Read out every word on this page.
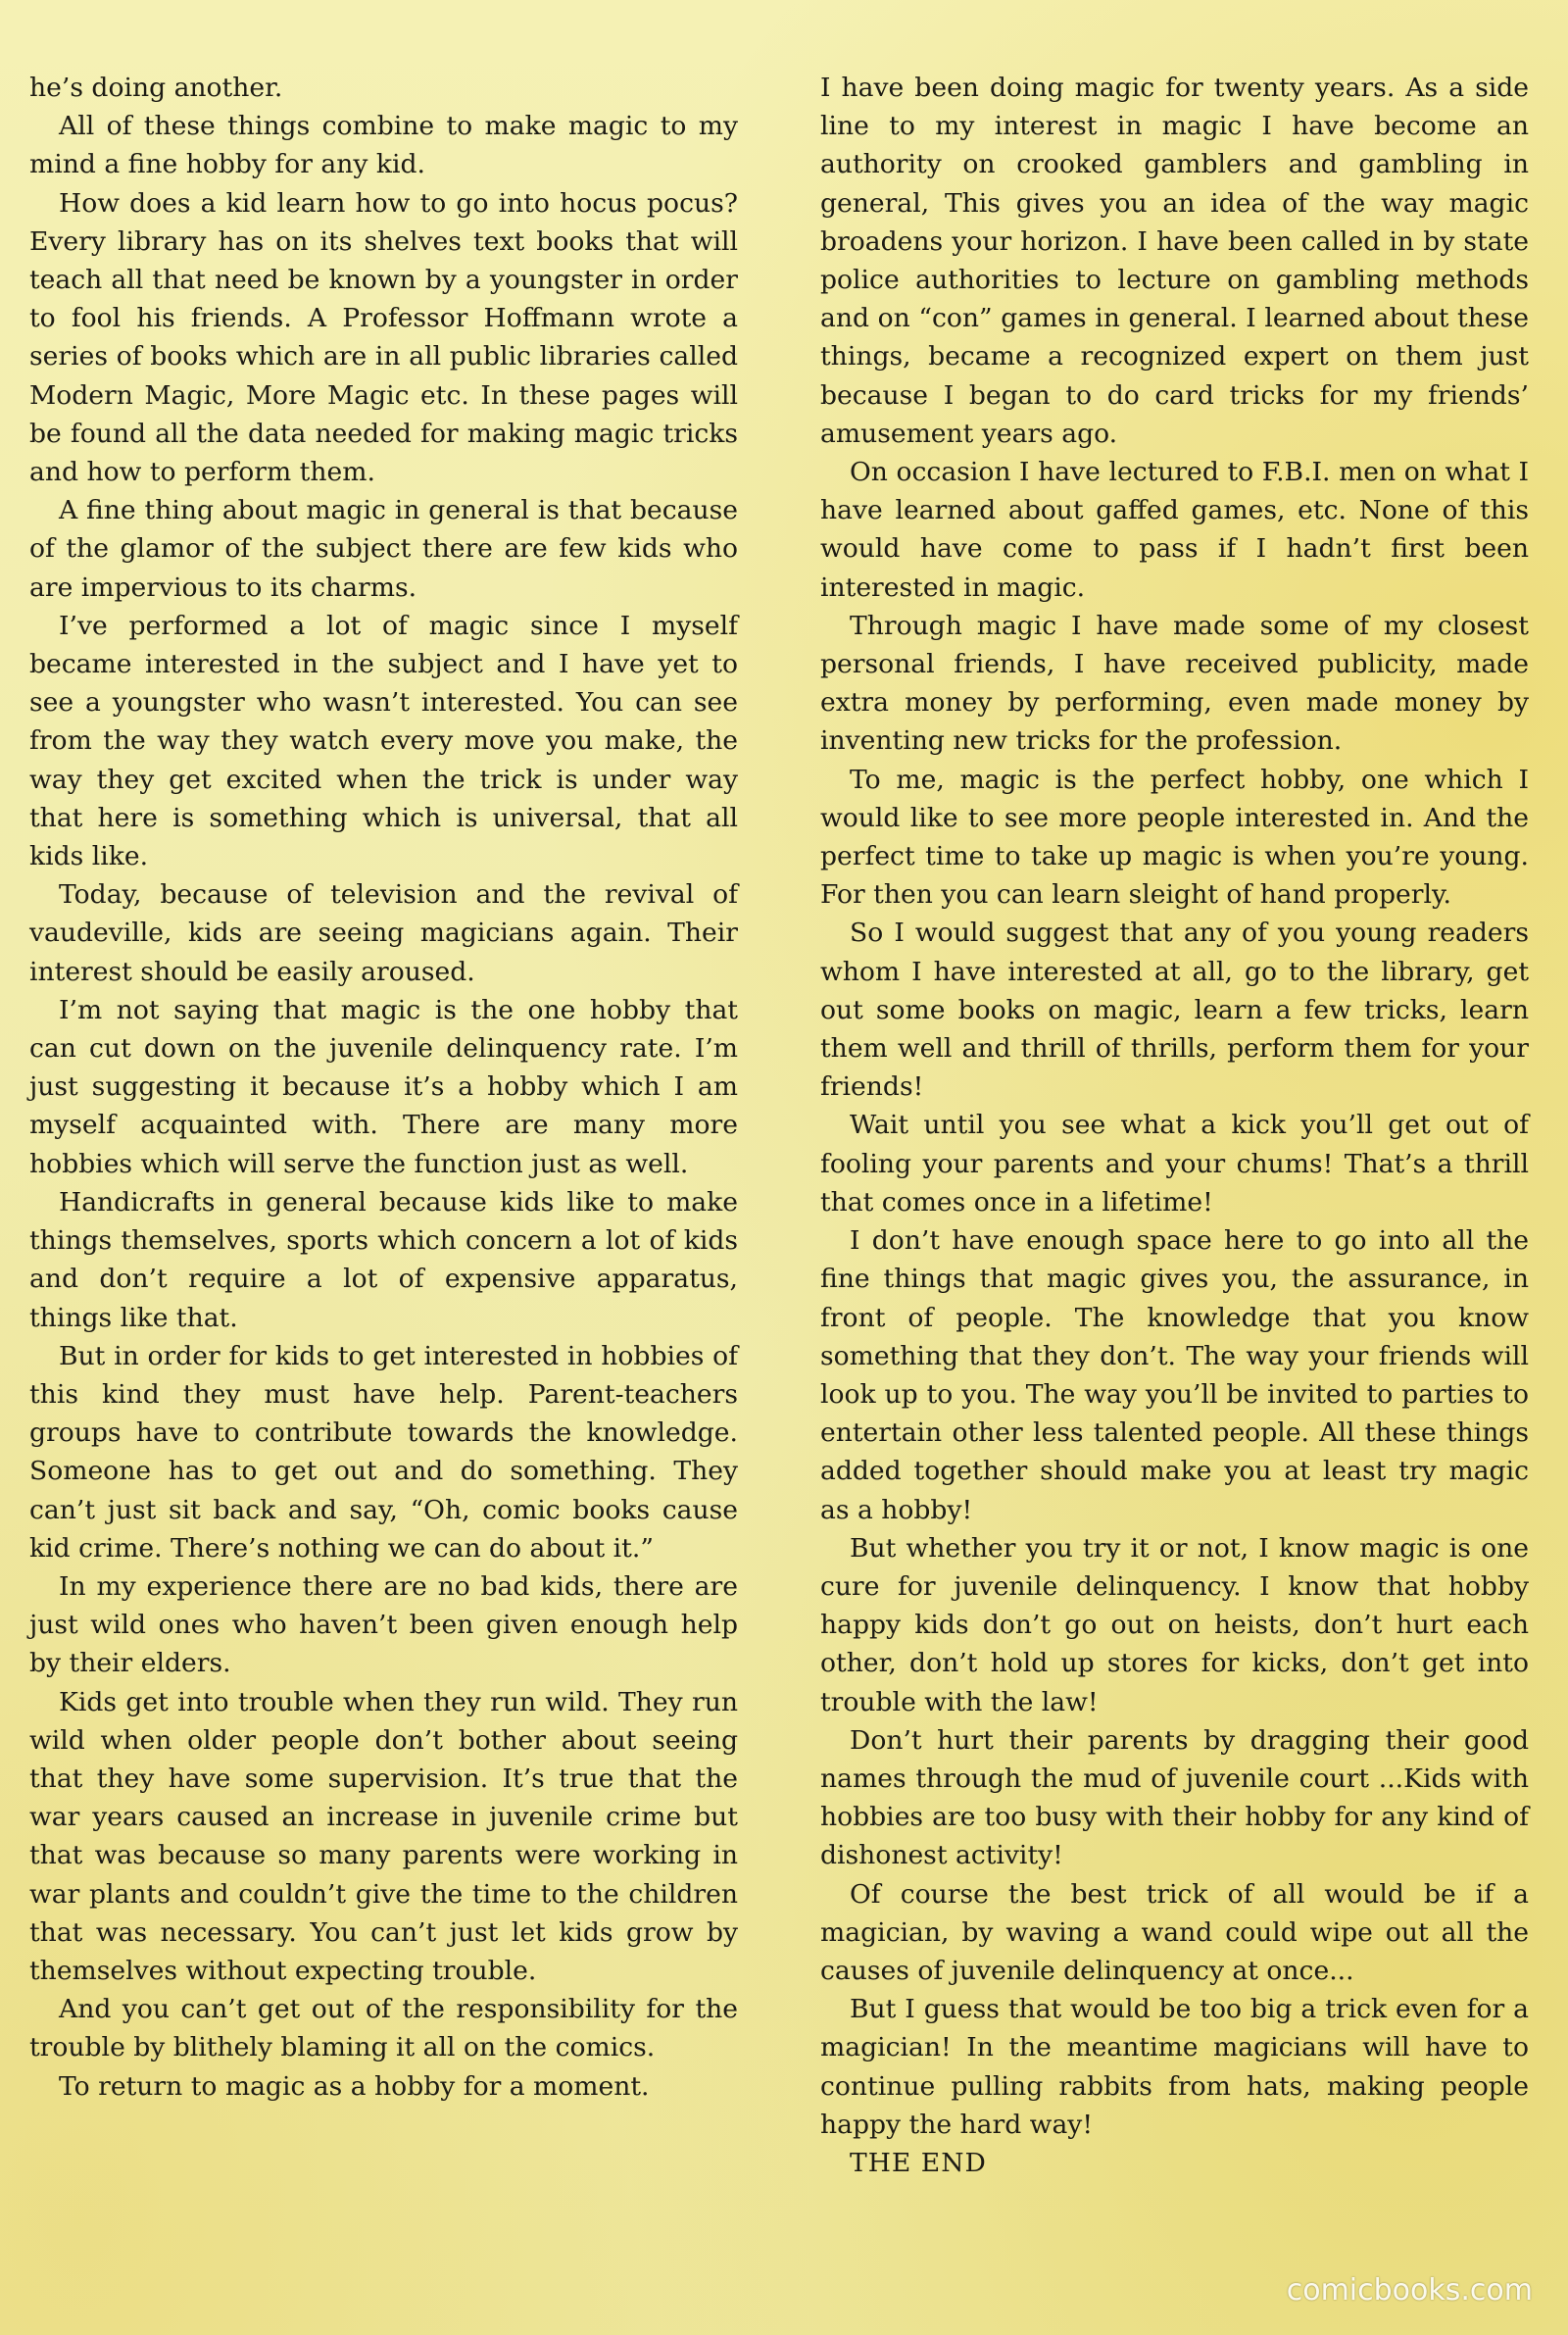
he’s doing another.

All of these things combine to make magic to my mind a fine hobby for any kid.

How does a kid learn how to go into hocus pocus? Every library has on its shelves text books that will teach all that need be known by a youngster in order to fool his friends. A Professor Hoffmann wrote a series of books which are in all public libraries called Modern Magic, More Magic etc. In these pages will be found all the data needed for making magic tricks and how to perform them.

A fine thing about magic in general is that because of the glamor of the subject there are few kids who are impervious to its charms.

I’ve performed a lot of magic since I myself became interested in the subject and I have yet to see a youngster who wasn’t interested. You can see from the way they watch every move you make, the way they get excited when the trick is under way that here is something which is universal, that all kids like.

Today, because of television and the revival of vaudeville, kids are seeing magicians again. Their interest should be easily aroused.

I’m not saying that magic is the one hobby that can cut down on the juvenile delinquency rate. I’m just suggesting it because it’s a hobby which I am myself acquainted with. There are many more hobbies which will serve the function just as well.

Handicrafts in general because kids like to make things themselves, sports which concern a lot of kids and don’t require a lot of expensive apparatus, things like that.

But in order for kids to get interested in hobbies of this kind they must have help. Parent-teachers groups have to contribute towards the knowledge. Someone has to get out and do something. They can’t just sit back and say, “Oh, comic books cause kid crime. There’s nothing we can do about it.”

In my experience there are no bad kids, there are just wild ones who haven’t been given enough help by their elders.

Kids get into trouble when they run wild. They run wild when older people don’t bother about seeing that they have some supervision. It’s true that the war years caused an increase in juvenile crime but that was because so many parents were working in war plants and couldn’t give the time to the children that was necessary. You can’t just let kids grow by themselves without expecting trouble.

And you can’t get out of the responsibility for the trouble by blithely blaming it all on the comics.

To return to magic as a hobby for a moment.

I have been doing magic for twenty years. As a side line to my interest in magic I have become an authority on crooked gamblers and gambling in general, This gives you an idea of the way magic broadens your horizon. I have been called in by state police authorities to lecture on gambling methods and on “con” games in general. I learned about these things, became a recognized expert on them just because I began to do card tricks for my friends’ amusement years ago.

On occasion I have lectured to F.B.I. men on what I have learned about gaffed games, etc. None of this would have come to pass if I hadn’t first been interested in magic.

Through magic I have made some of my closest personal friends, I have received publicity, made extra money by performing, even made money by inventing new tricks for the profession.

To me, magic is the perfect hobby, one which I would like to see more people interested in. And the perfect time to take up magic is when you’re young. For then you can learn sleight of hand properly.

So I would suggest that any of you young readers whom I have interested at all, go to the library, get out some books on magic, learn a few tricks, learn them well and thrill of thrills, perform them for your friends!

Wait until you see what a kick you’ll get out of fooling your parents and your chums! That’s a thrill that comes once in a lifetime!

I don’t have enough space here to go into all the fine things that magic gives you, the assurance, in front of people. The knowledge that you know something that they don’t. The way your friends will look up to you. The way you’ll be invited to parties to entertain other less talented people. All these things added together should make you at least try magic as a hobby!

But whether you try it or not, I know magic is one cure for juvenile delinquency. I know that hobby happy kids don’t go out on heists, don’t hurt each other, don’t hold up stores for kicks, don’t get into trouble with the law!

Don’t hurt their parents by dragging their good names through the mud of juvenile court ...Kids with hobbies are too busy with their hobby for any kind of dishonest activity!

Of course the best trick of all would be if a magician, by waving a wand could wipe out all the causes of juvenile delinquency at once...

But I guess that would be too big a trick even for a magician! In the meantime magicians will have to continue pulling rabbits from hats, making people happy the hard way!

THE END

comicbooks.com
